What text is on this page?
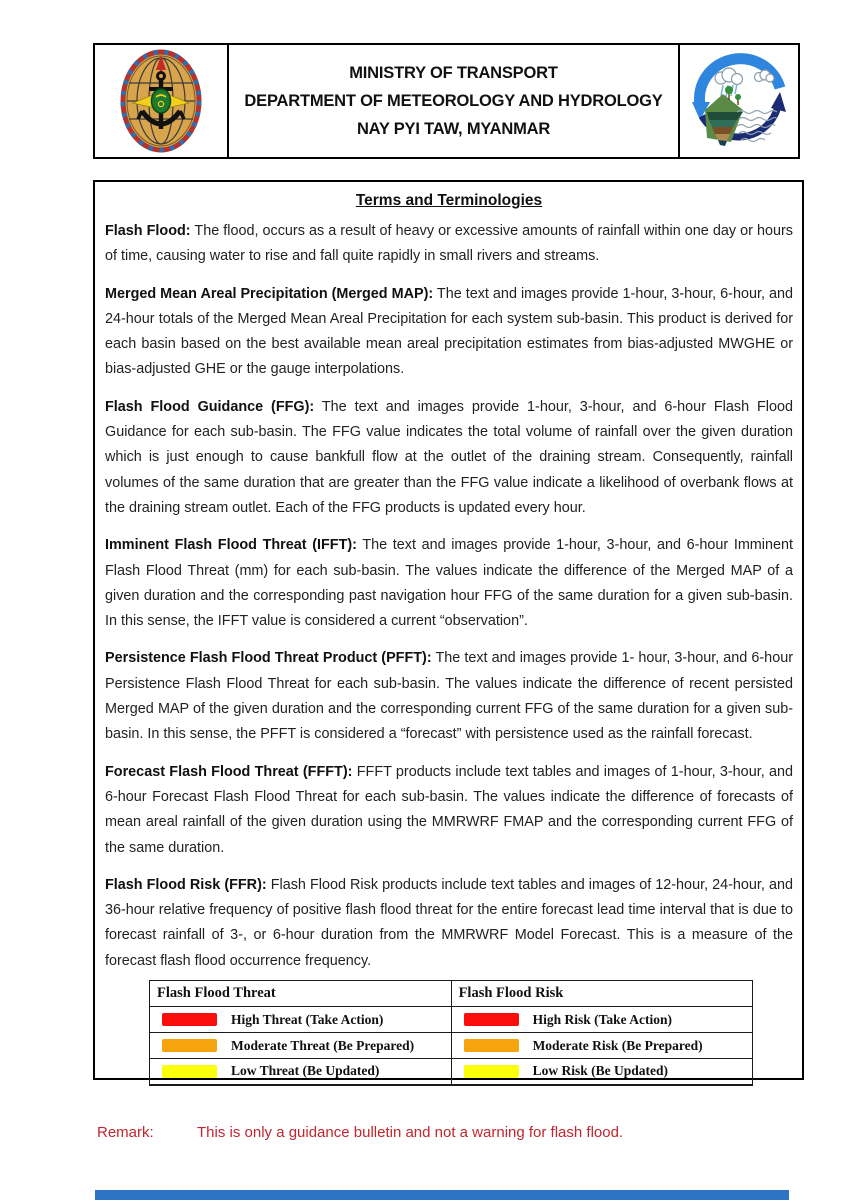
MINISTRY OF TRANSPORT
DEPARTMENT OF METEOROLOGY AND HYDROLOGY
NAY PYI TAW, MYANMAR
Terms and Terminologies

Flash Flood: The flood, occurs as a result of heavy or excessive amounts of rainfall within one day or hours of time, causing water to rise and fall quite rapidly in small rivers and streams.

Merged Mean Areal Precipitation (Merged MAP): The text and images provide 1-hour, 3-hour, 6-hour, and 24-hour totals of the Merged Mean Areal Precipitation for each system sub-basin. This product is derived for each basin based on the best available mean areal precipitation estimates from bias-adjusted MWGHE or bias-adjusted GHE or the gauge interpolations.

Flash Flood Guidance (FFG): The text and images provide 1-hour, 3-hour, and 6-hour Flash Flood Guidance for each sub-basin. The FFG value indicates the total volume of rainfall over the given duration which is just enough to cause bankfull flow at the outlet of the draining stream. Consequently, rainfall volumes of the same duration that are greater than the FFG value indicate a likelihood of overbank flows at the draining stream outlet. Each of the FFG products is updated every hour.

Imminent Flash Flood Threat (IFFT): The text and images provide 1-hour, 3-hour, and 6-hour Imminent Flash Flood Threat (mm) for each sub-basin. The values indicate the difference of the Merged MAP of a given duration and the corresponding past navigation hour FFG of the same duration for a given sub-basin. In this sense, the IFFT value is considered a current “observation”.

Persistence Flash Flood Threat Product (PFFT): The text and images provide 1- hour, 3-hour, and 6-hour Persistence Flash Flood Threat for each sub-basin. The values indicate the difference of recent persisted Merged MAP of the given duration and the corresponding current FFG of the same duration for a given sub-basin. In this sense, the PFFT is considered a “forecast” with persistence used as the rainfall forecast.

Forecast Flash Flood Threat (FFFT): FFFT products include text tables and images of 1-hour, 3-hour, and 6-hour Forecast Flash Flood Threat for each sub-basin. The values indicate the difference of forecasts of mean areal rainfall of the given duration using the MMRWRF FMAP and the corresponding current FFG of the same duration.

Flash Flood Risk (FFR): Flash Flood Risk products include text tables and images of 12-hour, 24-hour, and 36-hour relative frequency of positive flash flood threat for the entire forecast lead time interval that is due to forecast rainfall of 3-, or 6-hour duration from the MMRWRF Model Forecast. This is a measure of the forecast flash flood occurrence frequency.

Flash Flood Threat	Flash Flood Risk

High Threat (Take Action)	High Risk (Take Action)

Moderate Threat (Be Prepared)	Moderate Risk (Be Prepared)

Low Threat (Be Updated)	Low Risk (Be Updated)
Remark:	This is only a guidance bulletin and not a warning for flash flood.
